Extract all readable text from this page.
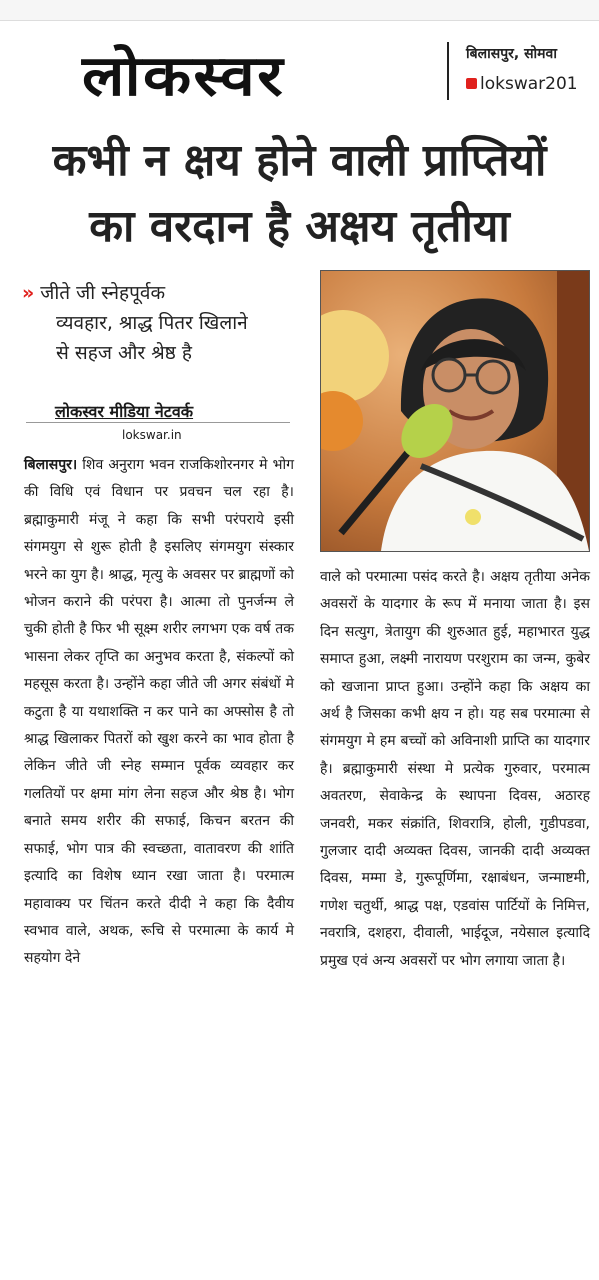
लोकस्वर	बिलासपुर, सोमवा
lokswar201
कभी न क्षय होने वाली प्राप्तियों
का वरदान है अक्षय तृतीया
» जीते जी स्नेहपूर्वक
व्यवहार, श्राद्ध पितर खिलाने
से सहज और श्रेष्ठ है
लोकस्वर मीडिया नेटवर्क
lokswar.in
बिलासपुर। शिव अनुराग भवन राजकिशोरनगर मे भोग की विधि एवं विधान पर प्रवचन चल रहा है। ब्रह्माकुमारी मंजू ने कहा कि सभी परंपराये इसी संगमयुग से शुरू होती है इसलिए संगमयुग संस्कार भरने का युग है। श्राद्ध, मृत्यु के अवसर पर ब्राह्मणों को भोजन कराने की परंपरा है। आत्मा तो पुनर्जन्म ले चुकी होती है फिर भी सूक्ष्म शरीर लगभग एक वर्ष तक भासना लेकर तृप्ति का अनुभव करता है, संकल्पों को महसूस करता है। उन्होंने कहा जीते जी अगर संबंधों मे कटुता है या यथाशक्ति न कर पाने का अफ्सोस है तो श्राद्ध खिलाकर पितरों को खुश करने का भाव होता है लेकिन जीते जी स्नेह सम्मान पूर्वक व्यवहार कर गलतियों पर क्षमा मांग लेना सहज और श्रेष्ठ है। भोग बनाते समय शरीर की सफाई, किचन बरतन की सफाई, भोग पात्र की स्वच्छता, वातावरण की शांति इत्यादि का विशेष ध्यान रखा जाता है। परमात्म महावाक्य पर चिंतन करते दीदी ने कहा कि दैवीय स्वभाव वाले, अथक, रूचि से परमात्मा के कार्य मे सहयोग देने
वाले को परमात्मा पसंद करते है। अक्षय तृतीया अनेक अवसरों के यादगार के रूप में मनाया जाता है। इस दिन सत्युग, त्रेतायुग की शुरुआत हुई, महाभारत युद्ध समाप्त हुआ, लक्ष्मी नारायण परशुराम का जन्म, कुबेर को खजाना प्राप्त हुआ। उन्होंने कहा कि अक्षय का अर्थ है जिसका कभी क्षय न हो। यह सब परमात्मा से संगमयुग मे हम बच्चों को अविनाशी प्राप्ति का यादगार है। ब्रह्माकुमारी संस्था मे प्रत्येक गुरुवार, परमात्म अवतरण, सेवाकेन्द्र के स्थापना दिवस, अठारह जनवरी, मकर संक्रांति, शिवरात्रि, होली, गुडीपडवा, गुलजार दादी अव्यक्त दिवस, जानकी दादी अव्यक्त दिवस, मम्मा डे, गुरूपूर्णिमा, रक्षाबंधन, जन्माष्टमी, गणेश चतुर्थी, श्राद्ध पक्ष, एडवांस पार्टियों के निमित्त, नवरात्रि, दशहरा, दीवाली, भाईदूज, नयेसाल इत्यादि प्रमुख एवं अन्य अवसरों पर भोग लगाया जाता है।
